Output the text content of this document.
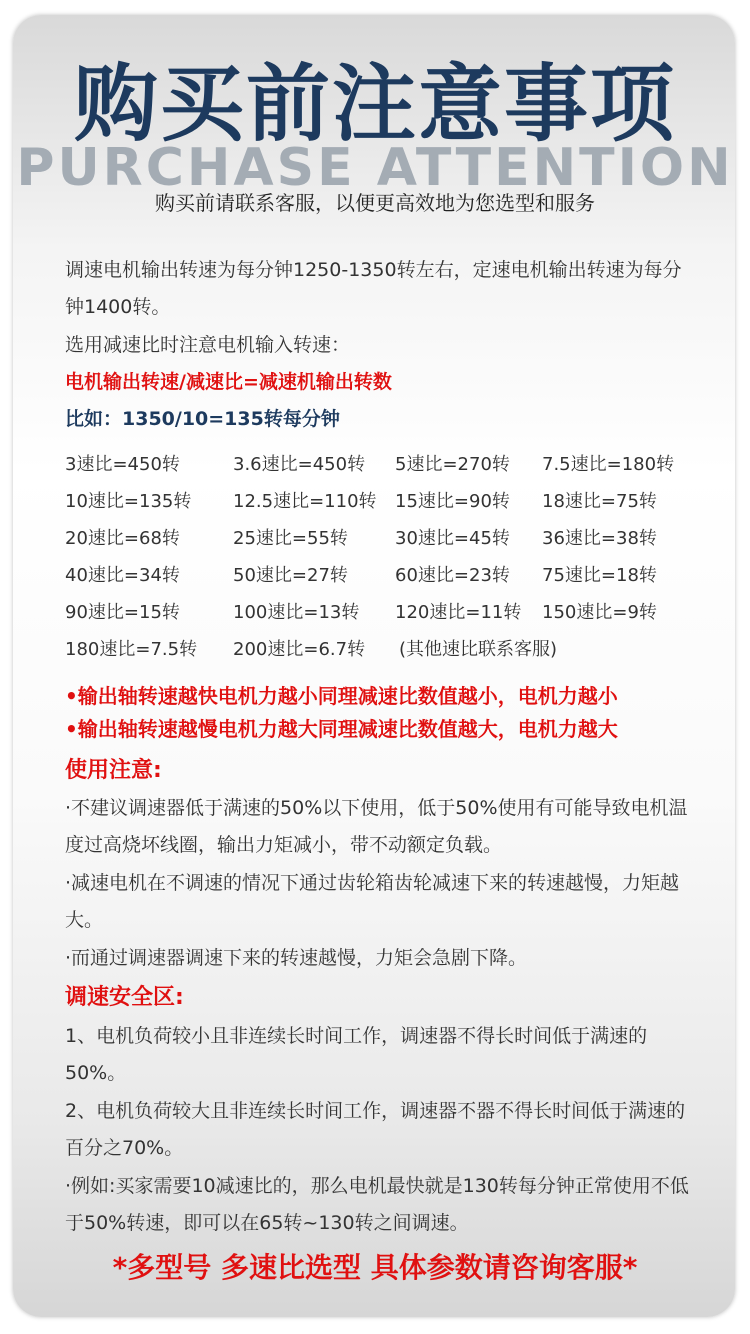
购买前注意事项
PURCHASE ATTENTION
购买前请联系客服，以便更高效地为您选型和服务

调速电机输出转速为每分钟1250-1350转左右，定速电机输出转速为每分钟1400转。

选用减速比时注意电机输入转速：

电机输出转速/减速比=减速机输出转数

比如：1350/10=135转每分钟

3速比=450转	3.6速比=450转 5速比=270转 7.5速比=180转
10速比=135转 12.5速比=110转 15速比=90转 18速比=75转
20速比=68转	25速比=55转	30速比=45转 36速比=38转
40速比=34转	50速比=27转	60速比=23转 75速比=18转
90速比=15转	100速比=13转 120速比=11转 150速比=9转
180速比=7.5转 200速比=6.7转 (其他速比联系客服)
•输出轴转速越快电机力越小同理减速比数值越小，电机力越小
•输出轴转速越慢电机力越大同理减速比数值越大，电机力越大
使用注意:

·不建议调速器低于满速的50%以下使用，低于50%使用有可能导致电机温度过高烧坏线圈，输出力矩减小，带不动额定负载。

·减速电机在不调速的情况下通过齿轮箱齿轮减速下来的转速越慢，力矩越大。

·而通过调速器调速下来的转速越慢，力矩会急剧下降。

调速安全区:

1、电机负荷较小且非连续长时间工作，调速器不得长时间低于满速的50%。

2、电机负荷较大且非连续长时间工作，调速器不器不得长时间低于满速的百分之70%。

·例如:买家需要10减速比的，那么电机最快就是130转每分钟正常使用不低于50%转速，即可以在65转~130转之间调速。

*多型号 多速比选型 具体参数请咨询客服*
